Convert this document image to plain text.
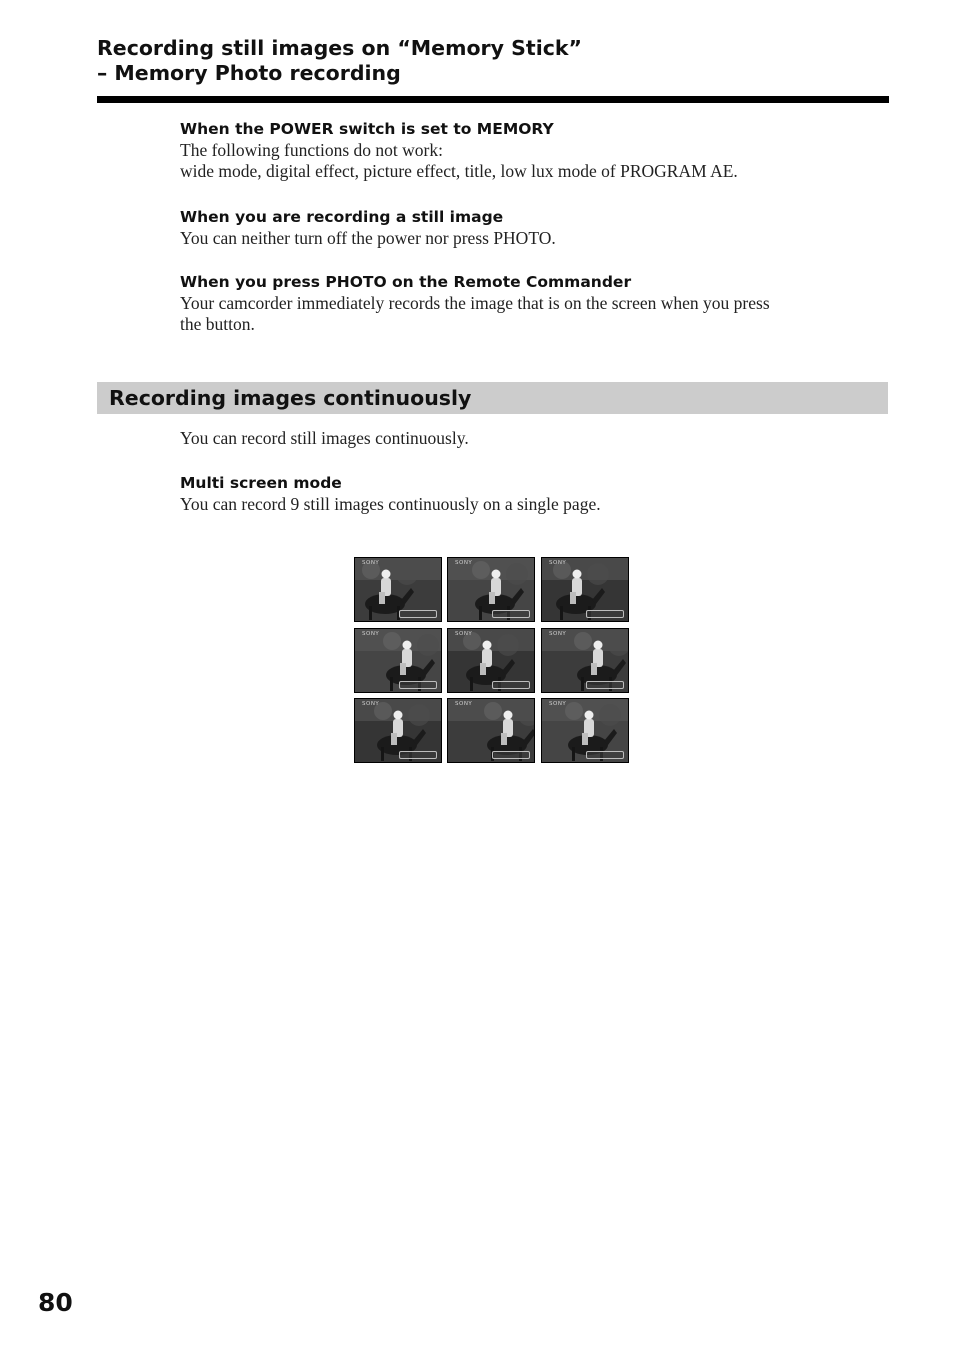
Recording still images on “Memory Stick”
– Memory Photo recording
When the POWER switch is set to MEMORY
The following functions do not work:
wide mode, digital effect, picture effect, title, low lux mode of PROGRAM AE.
When you are recording a still image
You can neither turn off the power nor press PHOTO.
When you press PHOTO on the Remote Commander
Your camcorder immediately records the image that is on the screen when you press
the button.
Recording images continuously
You can record still images continuously.
Multi screen mode
You can record 9 still images continuously on a single page.
SONY	SONY	SONY
SONY	SONY	SONY
SONY	SONY	SONY
80
